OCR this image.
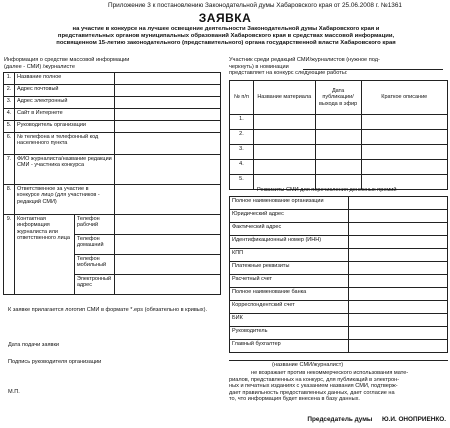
Приложение 3 к постановлению Законодательной думы Хабаровского края от 25.06.2008 г. №1361
ЗАЯВКА
на участие в конкурсе на лучшее освещение деятельности Законодательной думы Хабаровского края и
представительных органов муниципальных образований Хабаровского края в средствах массовой информации,
посвященном 15-летию законодательного (представительного) органа государственной власти Хабаровского края
Информация о средстве массовой информации
(далее - СМИ) /журналисте
1.	Название полное		
2.	Адрес почтовый		
3.	Адрес электронный		
4.	Сайт в Интернете		
5.	Руководитель организации		
6.	№ телефона и телефонный код населенного пункта		
7.	ФИО журналиста/название редакции СМИ - участника конкурса		
8.	Ответственное за участие в конкурсе лицо (для участников - редакций СМИ)		
9.	Контактная информация журналиста или ответственного лица	Телефон рабочий	
		Телефон домашний	
		Телефон мобильный	
		Электронный адрес	
К заявке прилагается логотип СМИ в формате *.eps (обязательно в кривых).
Дата подачи заявки
Подпись руководителя организации
М.П.
Участник среди редакций СМИ/журналистов (нужное под-
черкнуть) в номинации
представляет на конкурс следующие работы:
№ п/п	Название материала	Дата публикации/выхода в эфир	Краткое описание
1.			
2.			
3.			
4.			
5.			
Реквизиты СМИ для перечисления денежных премий
Полное наименование организации	
Юридический адрес	
Фактический адрес	
Идентификационный номер (ИНН)	
КПП	
Платежные реквизиты	
Расчетный счет	
Полное наименование банка	
Корреспондентский счет	
БИК	
Руководитель	
Главный бухгалтер	
(название СМИ/журналист)
не возражает против некоммерческого использования мате-
риалов, представленных на конкурс, для публикаций в электрон-
ных и печатных изданиях с указанием названия СМИ, подтверж-
дает правильность предоставленных данных, дает согласие на
то, что информация будет внесена в базу данных.
Председатель думы Ю.И. ОНОПРИЕНКО.
